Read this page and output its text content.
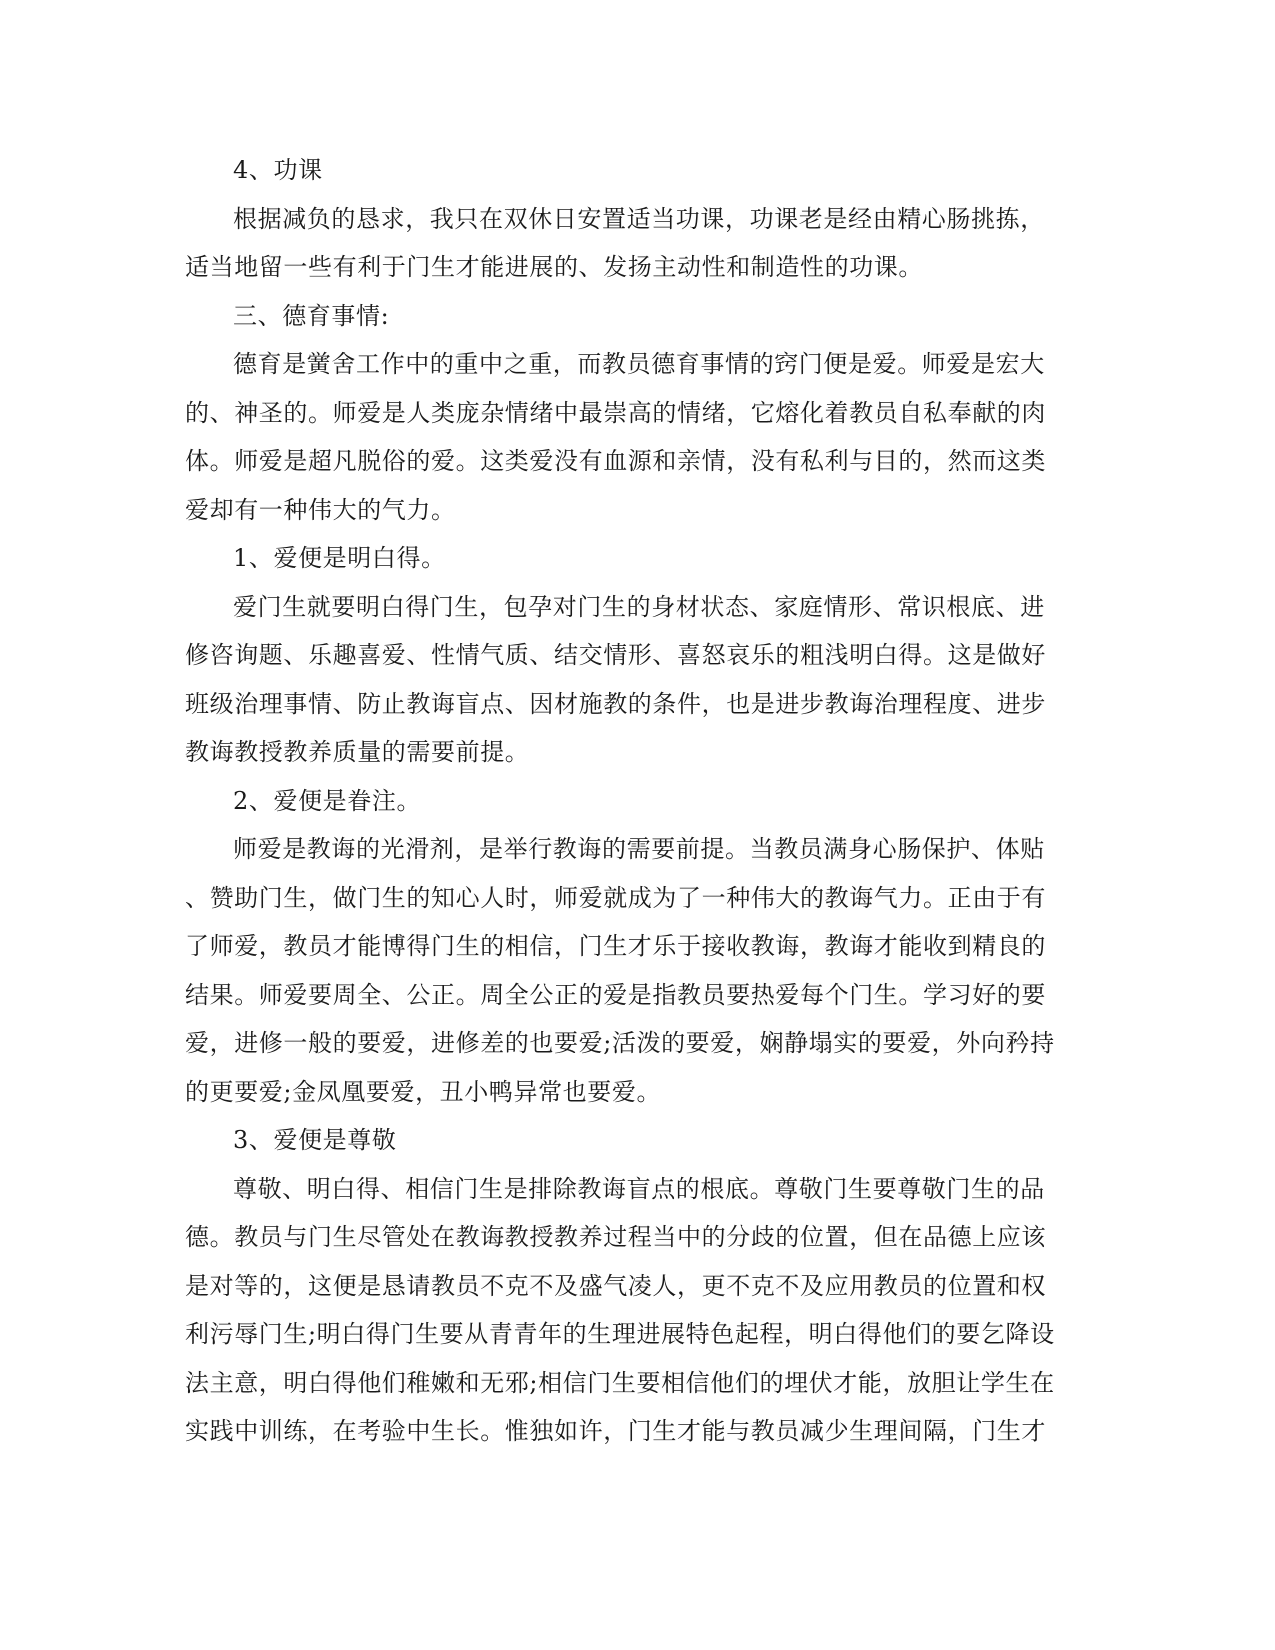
4、功课
根据减负的恳求，我只在双休日安置适当功课，功课老是经由精心肠挑拣，
适当地留一些有利于门生才能进展的、发扬主动性和制造性的功课。
三、德育事情:
德育是黉舍工作中的重中之重，而教员德育事情的窍门便是爱。师爱是宏大
的、神圣的。师爱是人类庞杂情绪中最崇高的情绪，它熔化着教员自私奉献的肉
体。师爱是超凡脱俗的爱。这类爱没有血源和亲情，没有私利与目的，然而这类
爱却有一种伟大的气力。
1、爱便是明白得。
爱门生就要明白得门生，包孕对门生的身材状态、家庭情形、常识根底、进
修咨询题、乐趣喜爱、性情气质、结交情形、喜怒哀乐的粗浅明白得。这是做好
班级治理事情、防止教诲盲点、因材施教的条件，也是进步教诲治理程度、进步
教诲教授教养质量的需要前提。
2、爱便是眷注。
师爱是教诲的光滑剂，是举行教诲的需要前提。当教员满身心肠保护、体贴
、赞助门生，做门生的知心人时，师爱就成为了一种伟大的教诲气力。正由于有
了师爱，教员才能博得门生的相信，门生才乐于接收教诲，教诲才能收到精良的
结果。师爱要周全、公正。周全公正的爱是指教员要热爱每个门生。学习好的要
爱，进修一般的要爱，进修差的也要爱;活泼的要爱，娴静塌实的要爱，外向矜持
的更要爱;金凤凰要爱，丑小鸭异常也要爱。
3、爱便是尊敬
尊敬、明白得、相信门生是排除教诲盲点的根底。尊敬门生要尊敬门生的品
德。教员与门生尽管处在教诲教授教养过程当中的分歧的位置，但在品德上应该
是对等的，这便是恳请教员不克不及盛气凌人，更不克不及应用教员的位置和权
利污辱门生;明白得门生要从青青年的生理进展特色起程，明白得他们的要乞降设
法主意，明白得他们稚嫩和无邪;相信门生要相信他们的埋伏才能，放胆让学生在
实践中训练，在考验中生长。惟独如许，门生才能与教员减少生理间隔，门生才
